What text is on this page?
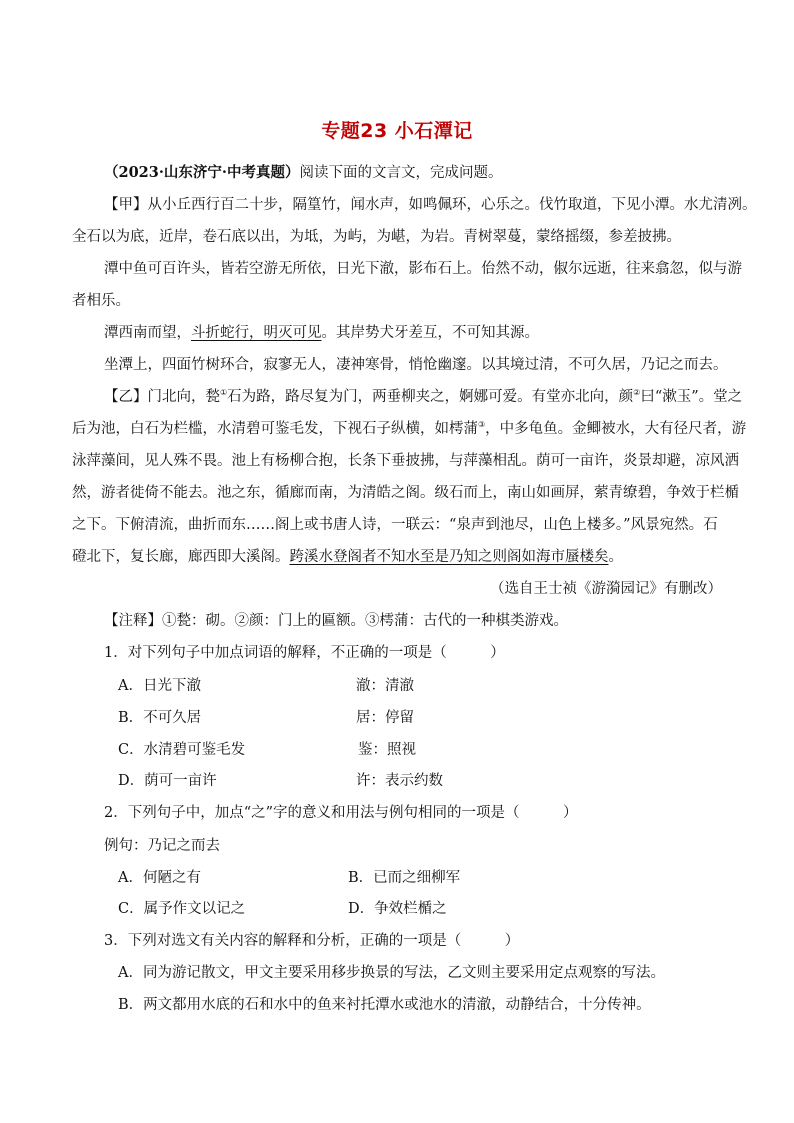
专题23 小石潭记
（2023·山东济宁·中考真题）阅读下面的文言文，完成问题。
【甲】从小丘西行百二十步，隔篁竹，闻水声，如鸣佩环，心乐之。伐竹取道，下见小潭。水尤清冽。
全石以为底，近岸，卷石底以出，为坻，为屿，为嵁，为岩。青树翠蔓，蒙络摇缀，参差披拂。
潭中鱼可百许头，皆若空游无所依，日光下澈，影布石上。佁然不动，俶尔远逝，往来翕忽，似与游
者相乐。
潭西南而望，斗折蛇行，明灭可见。其岸势犬牙差互，不可知其源。
坐潭上，四面竹树环合，寂寥无人，凄神寒骨，悄怆幽邃。以其境过清，不可久居，乃记之而去。
【乙】门北向，甃①石为路，路尽复为门，两垂柳夹之，婀娜可爱。有堂亦北向，颜②曰“漱玉”。堂之
后为池，白石为栏槛，水清碧可鉴毛发，下视石子纵横，如樗蒲③，中多龟鱼。金鲫被水，大有径尺者，游
泳萍藻间，见人殊不畏。池上有杨柳合抱，长条下垂披拂，与萍藻相乱。荫可一亩许，炎景却避，凉风洒
然，游者徙倚不能去。池之东，循廊而南，为清皓之阁。级石而上，南山如画屏，萦青缭碧，争效于栏楯
之下。下俯清流，曲折而东……阁上或书唐人诗，一联云：“泉声到池尽，山色上楼多。”风景宛然。石
磴北下，复长廊，廊西即大溪阁。跨溪水登阁者不知水至是乃知之则阁如海市蜃楼矣。
（选自王士祯《游漪园记》有删改）
【注释】①甃：砌。②颜：门上的匾额。③樗蒲：古代的一种棋类游戏。
1．对下列句子中加点词语的解释，不正确的一项是（　　　）
A．日光下澈	澈：清澈
B．不可久居	居：停留
C．水清碧可鉴毛发	鉴：照视
D．荫可一亩许	许：表示约数
2．下列句子中，加点“之”字的意义和用法与例句相同的一项是（　　　）
例句：乃记之而去
A．何陋之有	B．已而之细柳军
C．属予作文以记之	D．争效栏楯之
3．下列对选文有关内容的解释和分析，正确的一项是（　　　）
A．同为游记散文，甲文主要采用移步换景的写法，乙文则主要采用定点观察的写法。
B．两文都用水底的石和水中的鱼来衬托潭水或池水的清澈，动静结合，十分传神。
